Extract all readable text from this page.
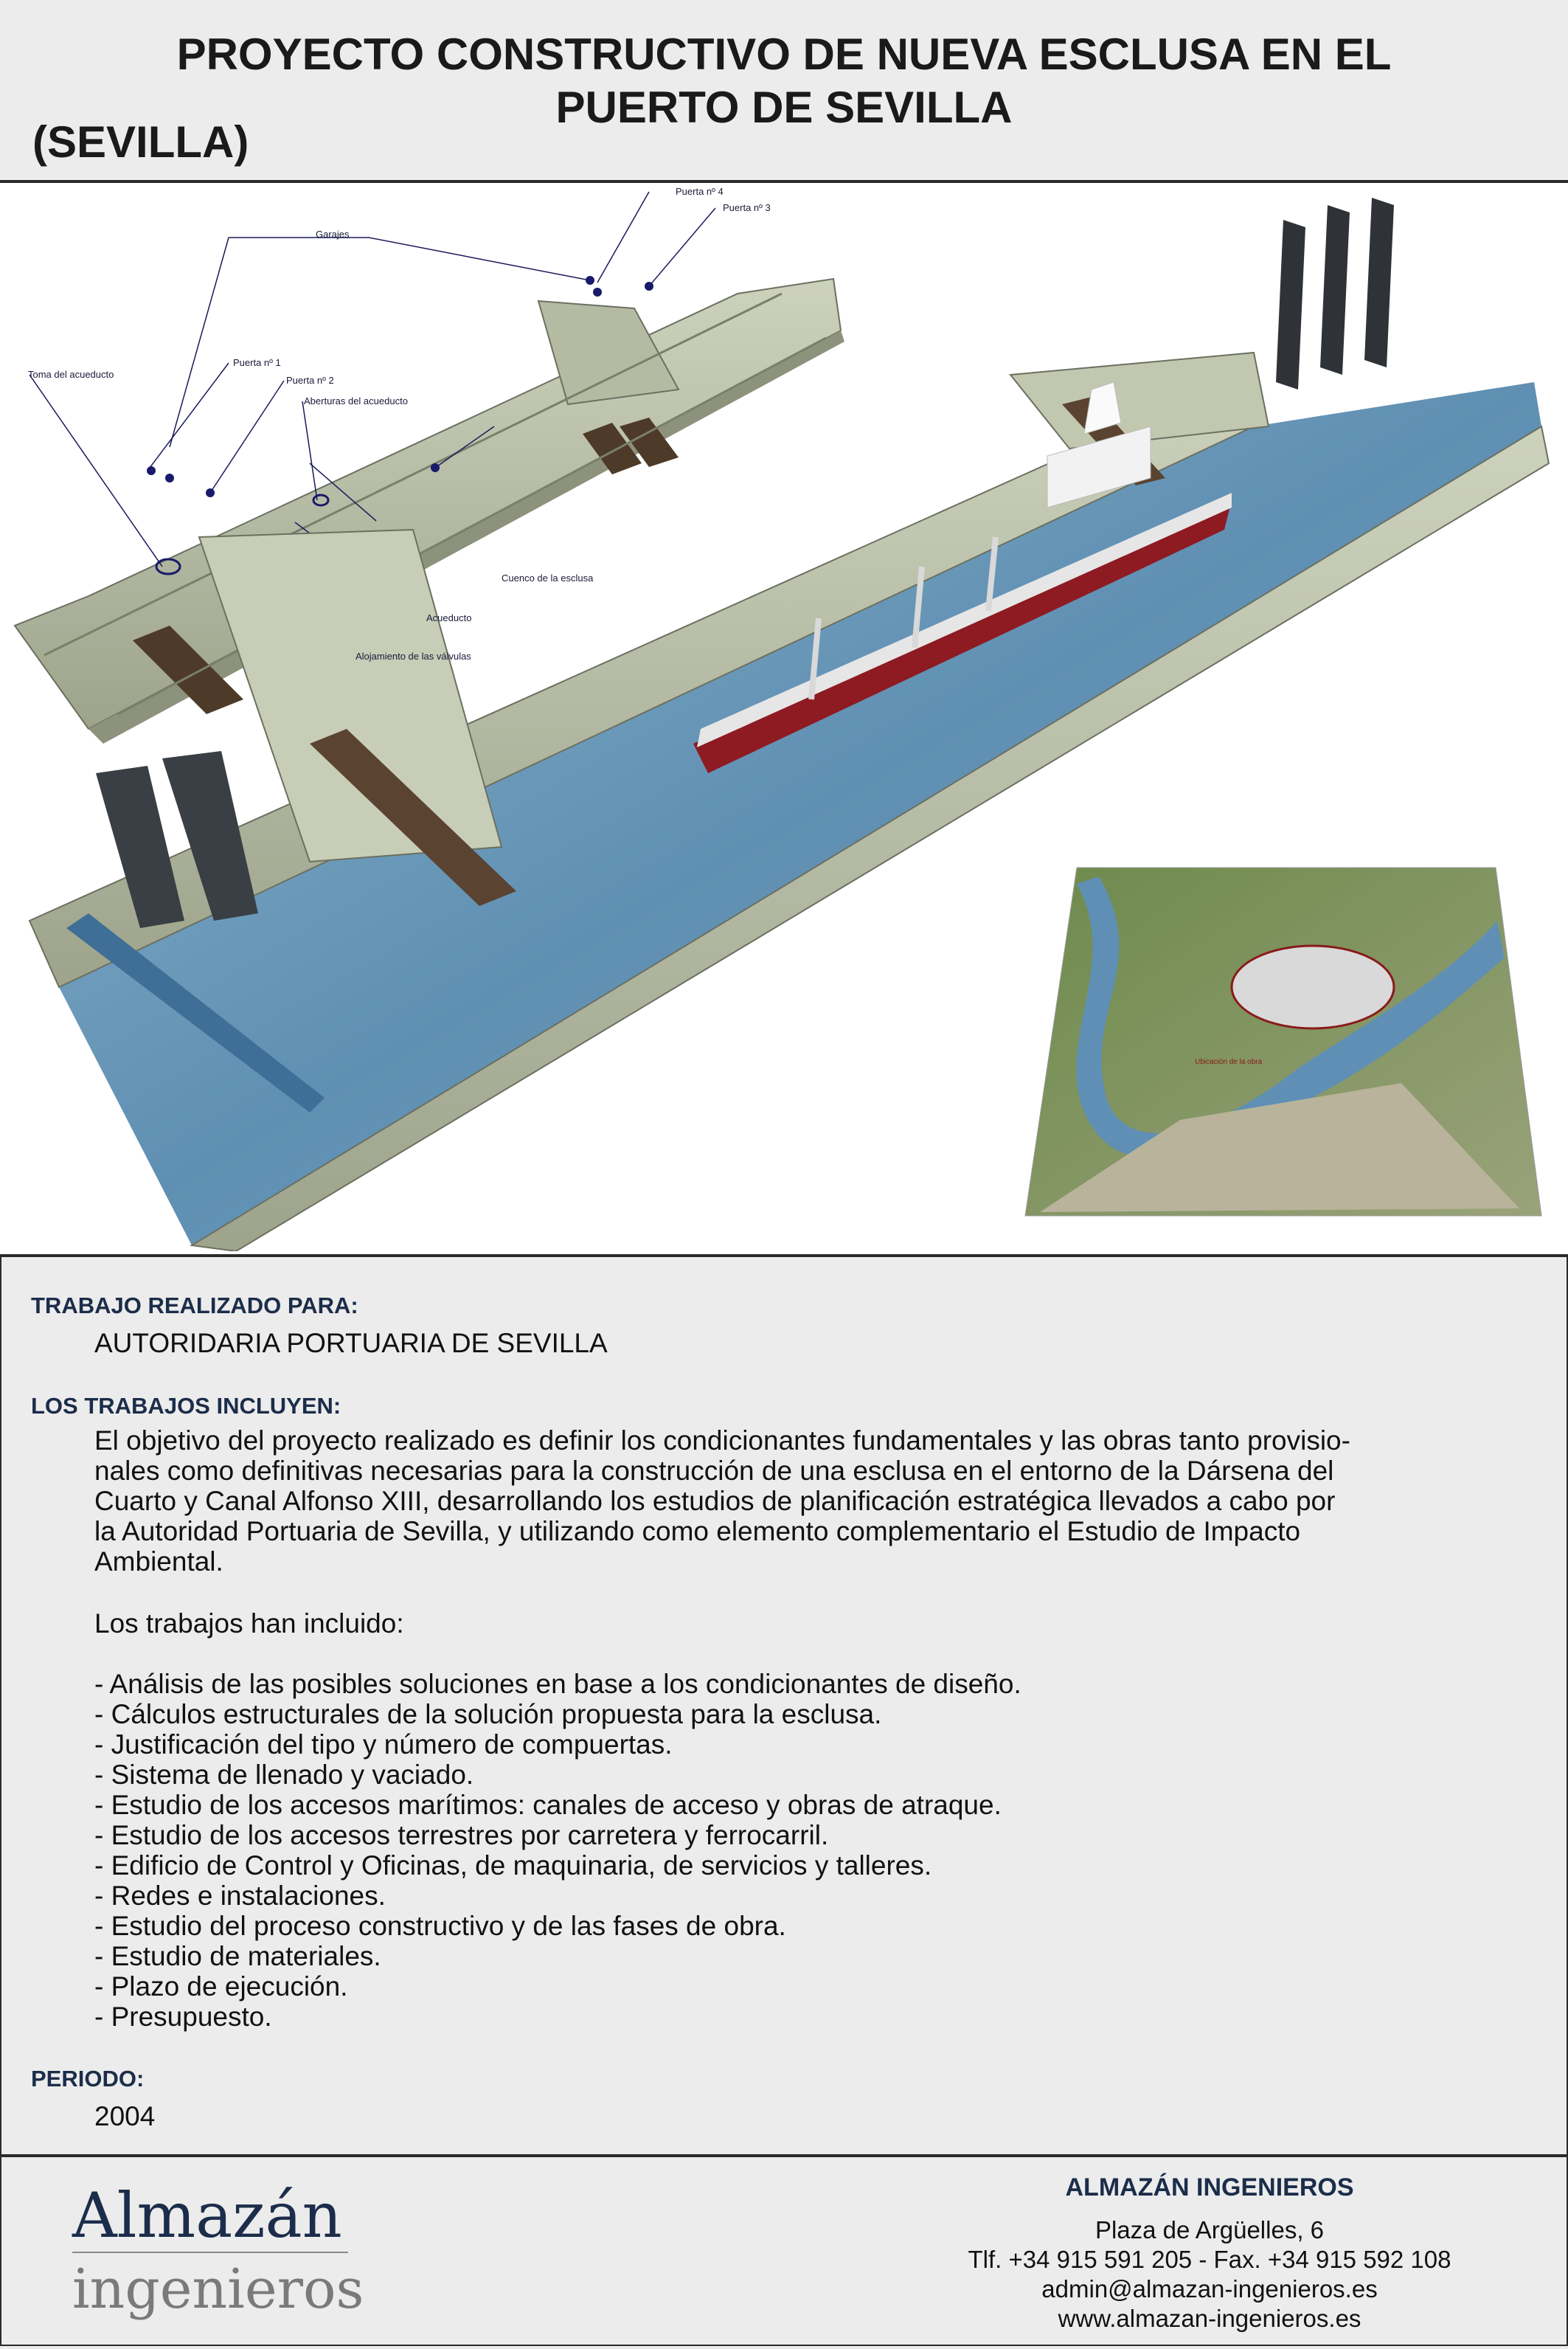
PROYECTO CONSTRUCTIVO DE NUEVA ESCLUSA EN EL
PUERTO DE SEVILLA
(SEVILLA)
Garajes
Puerta nº 4
Puerta nº 3
Toma del acueducto
Puerta nº 1
Puerta nº 2
Aberturas del acueducto
Cuenco de la esclusa
Acueducto
Alojamiento de las válvulas
Ubicación de la obra
TRABAJO REALIZADO PARA:
AUTORIDARIA PORTUARIA DE SEVILLA
LOS TRABAJOS INCLUYEN:
El objetivo del proyecto realizado es definir los condicionantes fundamentales y las obras tanto provisio-
nales como definitivas necesarias para la construcción de una esclusa en el entorno de la Dársena del
Cuarto y Canal Alfonso XIII, desarrollando los estudios de planificación estratégica llevados a cabo por
la Autoridad Portuaria de Sevilla, y utilizando como elemento complementario el Estudio de Impacto
Ambiental.
Los trabajos han incluido:
- Análisis de las posibles soluciones en base a los condicionantes de diseño.
- Cálculos estructurales de la solución propuesta para la esclusa.
- Justificación del tipo y número de compuertas.
- Sistema de llenado y vaciado.
- Estudio de los accesos marítimos: canales de acceso y obras de atraque.
- Estudio de los accesos terrestres por carretera y ferrocarril.
- Edificio de Control y Oficinas, de maquinaria, de servicios y talleres.
- Redes e instalaciones.
- Estudio del proceso constructivo y de las fases de obra.
- Estudio de materiales.
- Plazo de ejecución.
- Presupuesto.
PERIODO:
2004
Almazán
ingenieros
ALMAZÁN INGENIEROS
Plaza de Argüelles, 6
Tlf. +34 915 591 205 - Fax. +34 915 592 108
admin@almazan-ingenieros.es
www.almazan-ingenieros.es
